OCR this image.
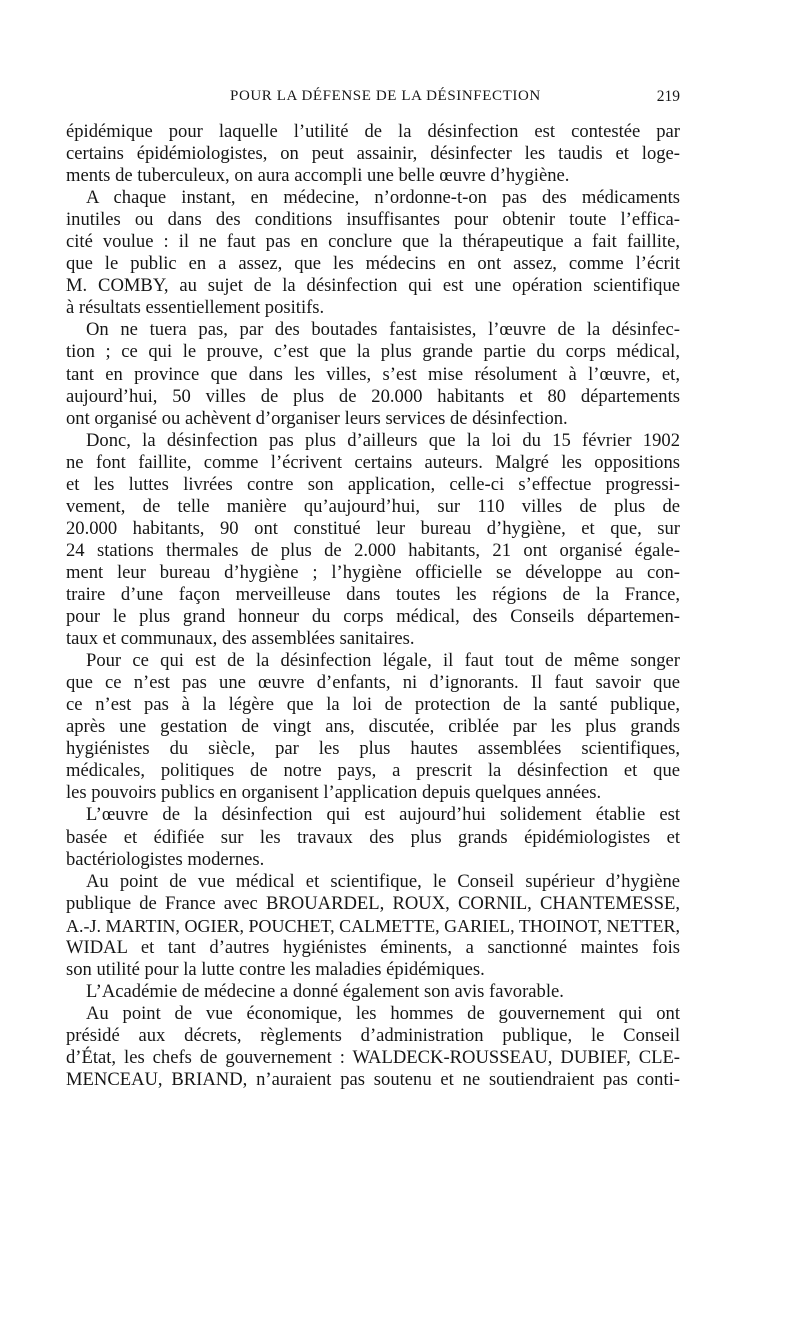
POUR LA DÉFENSE DE LA DÉSINFECTION	219
épidémique pour laquelle l’utilité de la désinfection est contestée par
certains épidémiologistes, on peut assainir, désinfecter les taudis et loge-
ments de tuberculeux, on aura accompli une belle œuvre d’hygiène.
A chaque instant, en médecine, n’ordonne-t-on pas des médicaments
inutiles ou dans des conditions insuffisantes pour obtenir toute l’effica-
cité voulue : il ne faut pas en conclure que la thérapeutique a fait faillite,
que le public en a assez, que les médecins en ont assez, comme l’écrit
M. COMBY, au sujet de la désinfection qui est une opération scientifique
à résultats essentiellement positifs.
On ne tuera pas, par des boutades fantaisistes, l’œuvre de la désinfec-
tion ; ce qui le prouve, c’est que la plus grande partie du corps médical,
tant en province que dans les villes, s’est mise résolument à l’œuvre, et,
aujourd’hui, 50 villes de plus de 20.000 habitants et 80 départements
ont organisé ou achèvent d’organiser leurs services de désinfection.
Donc, la désinfection pas plus d’ailleurs que la loi du 15 février 1902
ne font faillite, comme l’écrivent certains auteurs. Malgré les oppositions
et les luttes livrées contre son application, celle-ci s’effectue progressi-
vement, de telle manière qu’aujourd’hui, sur 110 villes de plus de
20.000 habitants, 90 ont constitué leur bureau d’hygiène, et que, sur
24 stations thermales de plus de 2.000 habitants, 21 ont organisé égale-
ment leur bureau d’hygiène ; l’hygiène officielle se développe au con-
traire d’une façon merveilleuse dans toutes les régions de la France,
pour le plus grand honneur du corps médical, des Conseils départemen-
taux et communaux, des assemblées sanitaires.
Pour ce qui est de la désinfection légale, il faut tout de même songer
que ce n’est pas une œuvre d’enfants, ni d’ignorants. Il faut savoir que
ce n’est pas à la légère que la loi de protection de la santé publique,
après une gestation de vingt ans, discutée, criblée par les plus grands
hygiénistes du siècle, par les plus hautes assemblées scientifiques,
médicales, politiques de notre pays, a prescrit la désinfection et que
les pouvoirs publics en organisent l’application depuis quelques années.
L’œuvre de la désinfection qui est aujourd’hui solidement établie est
basée et édifiée sur les travaux des plus grands épidémiologistes et
bactériologistes modernes.
Au point de vue médical et scientifique, le Conseil supérieur d’hygiène
publique de France avec BROUARDEL, ROUX, CORNIL, CHANTEMESSE,
A.-J. MARTIN, OGIER, POUCHET, CALMETTE, GARIEL, THOINOT, NETTER,
WIDAL et tant d’autres hygiénistes éminents, a sanctionné maintes fois
son utilité pour la lutte contre les maladies épidémiques.
L’Académie de médecine a donné également son avis favorable.
Au point de vue économique, les hommes de gouvernement qui ont
présidé aux décrets, règlements d’administration publique, le Conseil
d’État, les chefs de gouvernement : WALDECK-ROUSSEAU, DUBIEF, CLE-
MENCEAU, BRIAND, n’auraient pas soutenu et ne soutiendraient pas conti-
